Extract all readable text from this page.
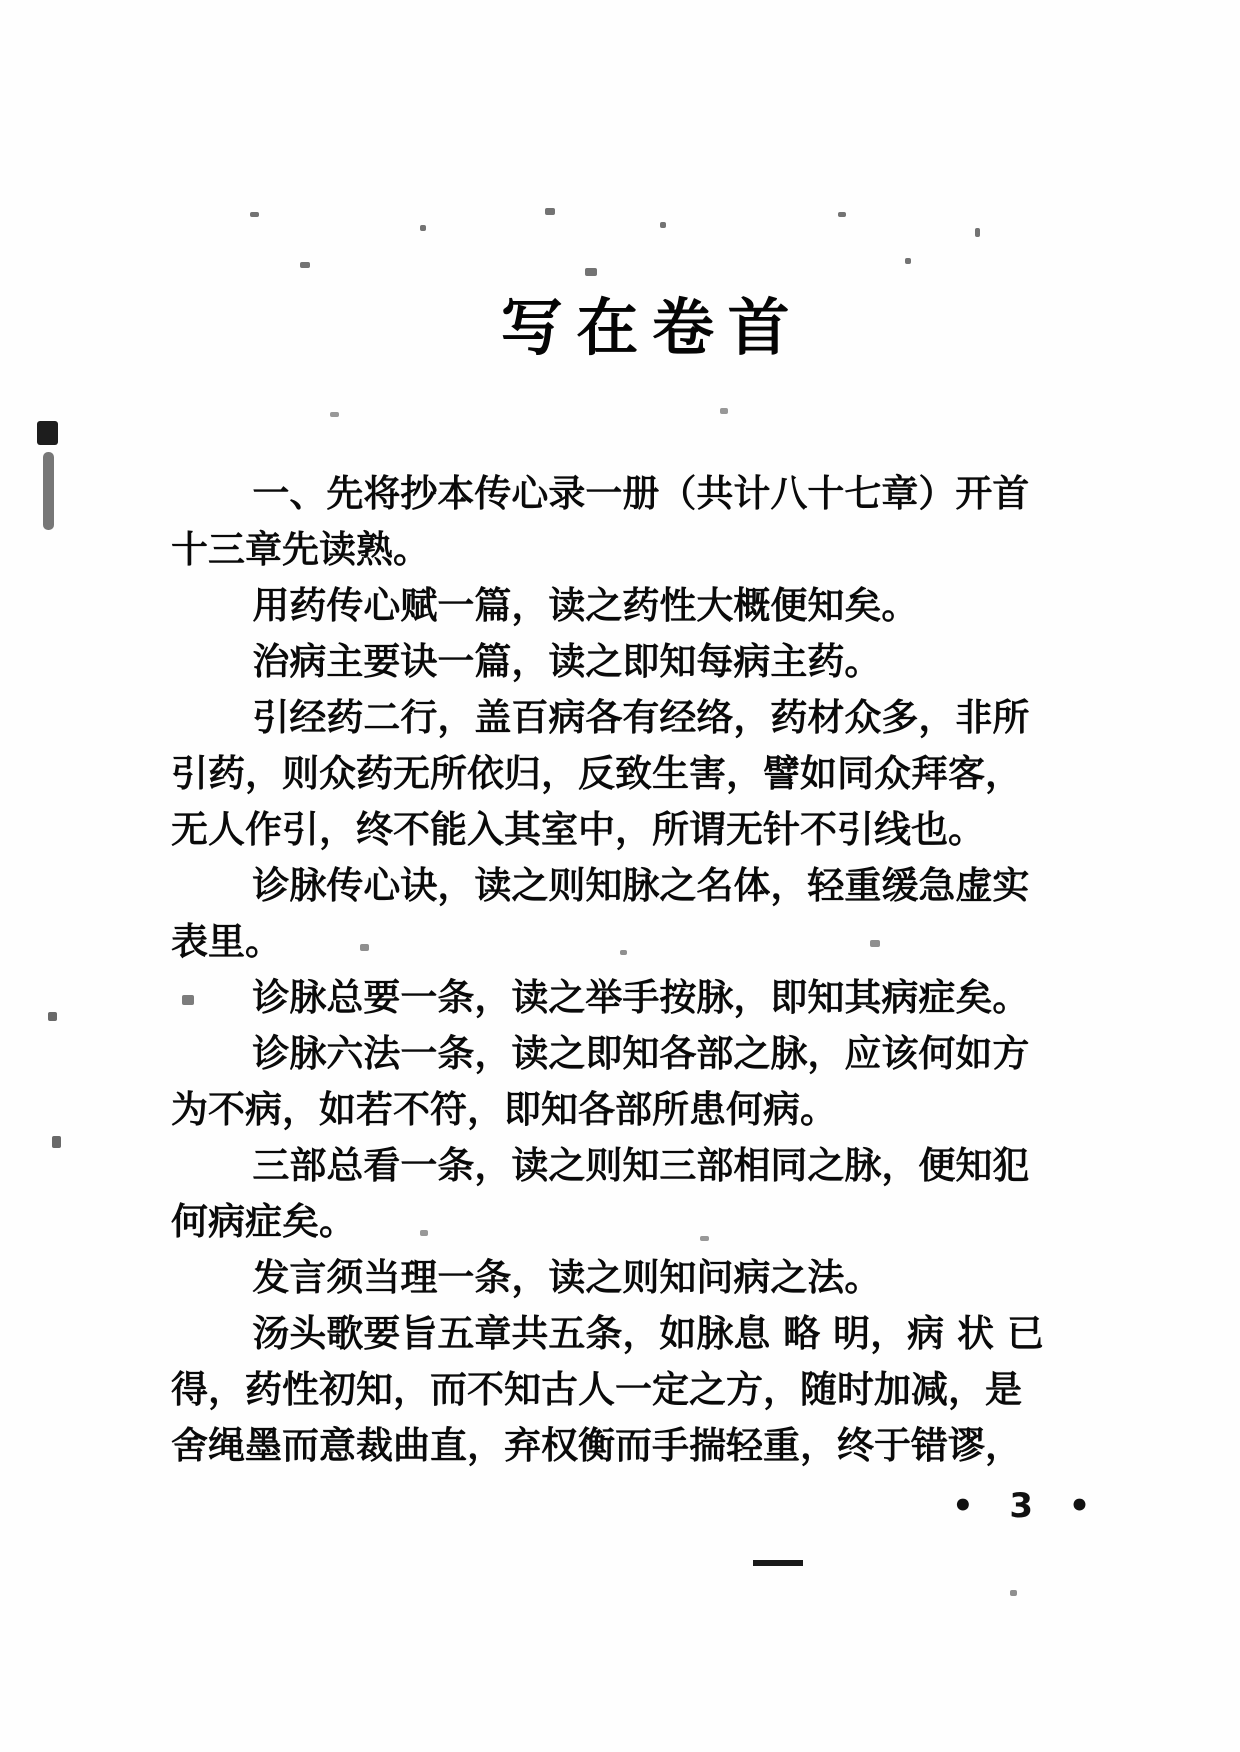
写在卷首
一、先将抄本传心录一册（共计八十七章）开首
十三章先读熟。
用药传心赋一篇，读之药性大概便知矣。
治病主要诀一篇，读之即知每病主药。
引经药二行，盖百病各有经络，药材众多，非所
引药，则众药无所依归，反致生害，譬如同众拜客，
无人作引，终不能入其室中，所谓无针不引线也。
诊脉传心诀，读之则知脉之名体，轻重缓急虚实
表里。
诊脉总要一条，读之举手按脉，即知其病症矣。
诊脉六法一条，读之即知各部之脉，应该何如方
为不病，如若不符，即知各部所患何病。
三部总看一条，读之则知三部相同之脉，便知犯
何病症矣。
发言须当理一条，读之则知问病之法。
汤头歌要旨五章共五条，如脉息 略 明，病 状 已
得，药性初知，而不知古人一定之方，随时加减，是
舍绳墨而意裁曲直，弃权衡而手揣轻重，终于错谬，
• 3 •
